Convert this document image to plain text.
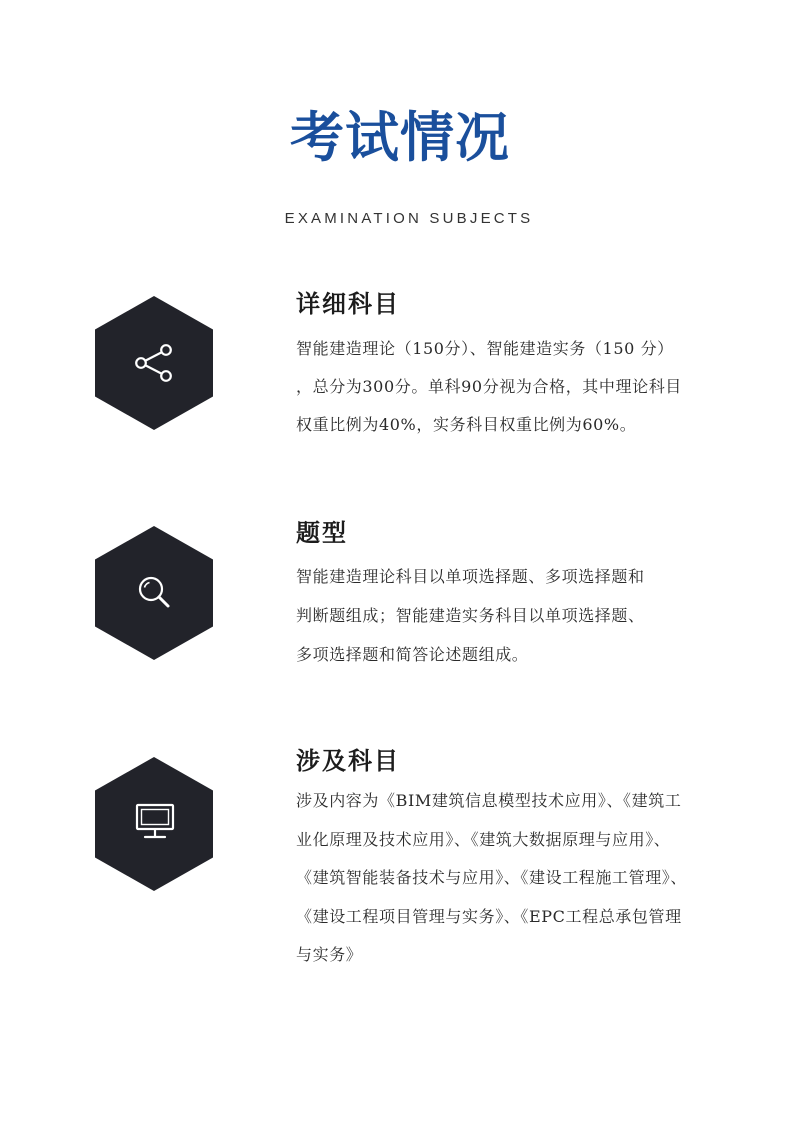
考试情况
EXAMINATION SUBJECTS
详细科目
智能建造理论（150分）、智能建造实务（150 分）
，总分为300分。单科90分视为合格，其中理论科目
权重比例为40%，实务科目权重比例为60%。
题型
智能建造理论科目以单项选择题、多项选择题和
判断题组成；智能建造实务科目以单项选择题、
多项选择题和简答论述题组成。
涉及科目
涉及内容为《BIM建筑信息模型技术应用》、《建筑工
业化原理及技术应用》、《建筑大数据原理与应用》、
《建筑智能装备技术与应用》、《建设工程施工管理》、
《建设工程项目管理与实务》、《EPC工程总承包管理
与实务》
